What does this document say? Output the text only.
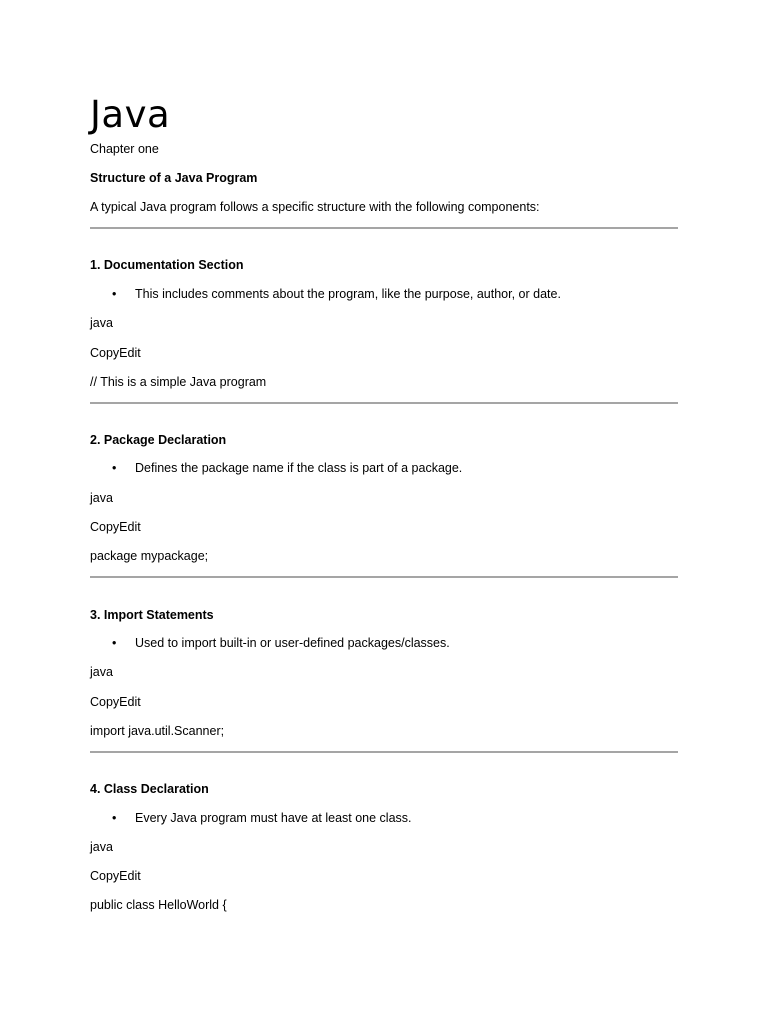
Java
Chapter one
Structure of a Java Program
A typical Java program follows a specific structure with the following components:
1. Documentation Section
• This includes comments about the program, like the purpose, author, or date.
java
CopyEdit
// This is a simple Java program
2. Package Declaration
• Defines the package name if the class is part of a package.
java
CopyEdit
package mypackage;
3. Import Statements
• Used to import built-in or user-defined packages/classes.
java
CopyEdit
import java.util.Scanner;
4. Class Declaration
• Every Java program must have at least one class.
java
CopyEdit
public class HelloWorld {
